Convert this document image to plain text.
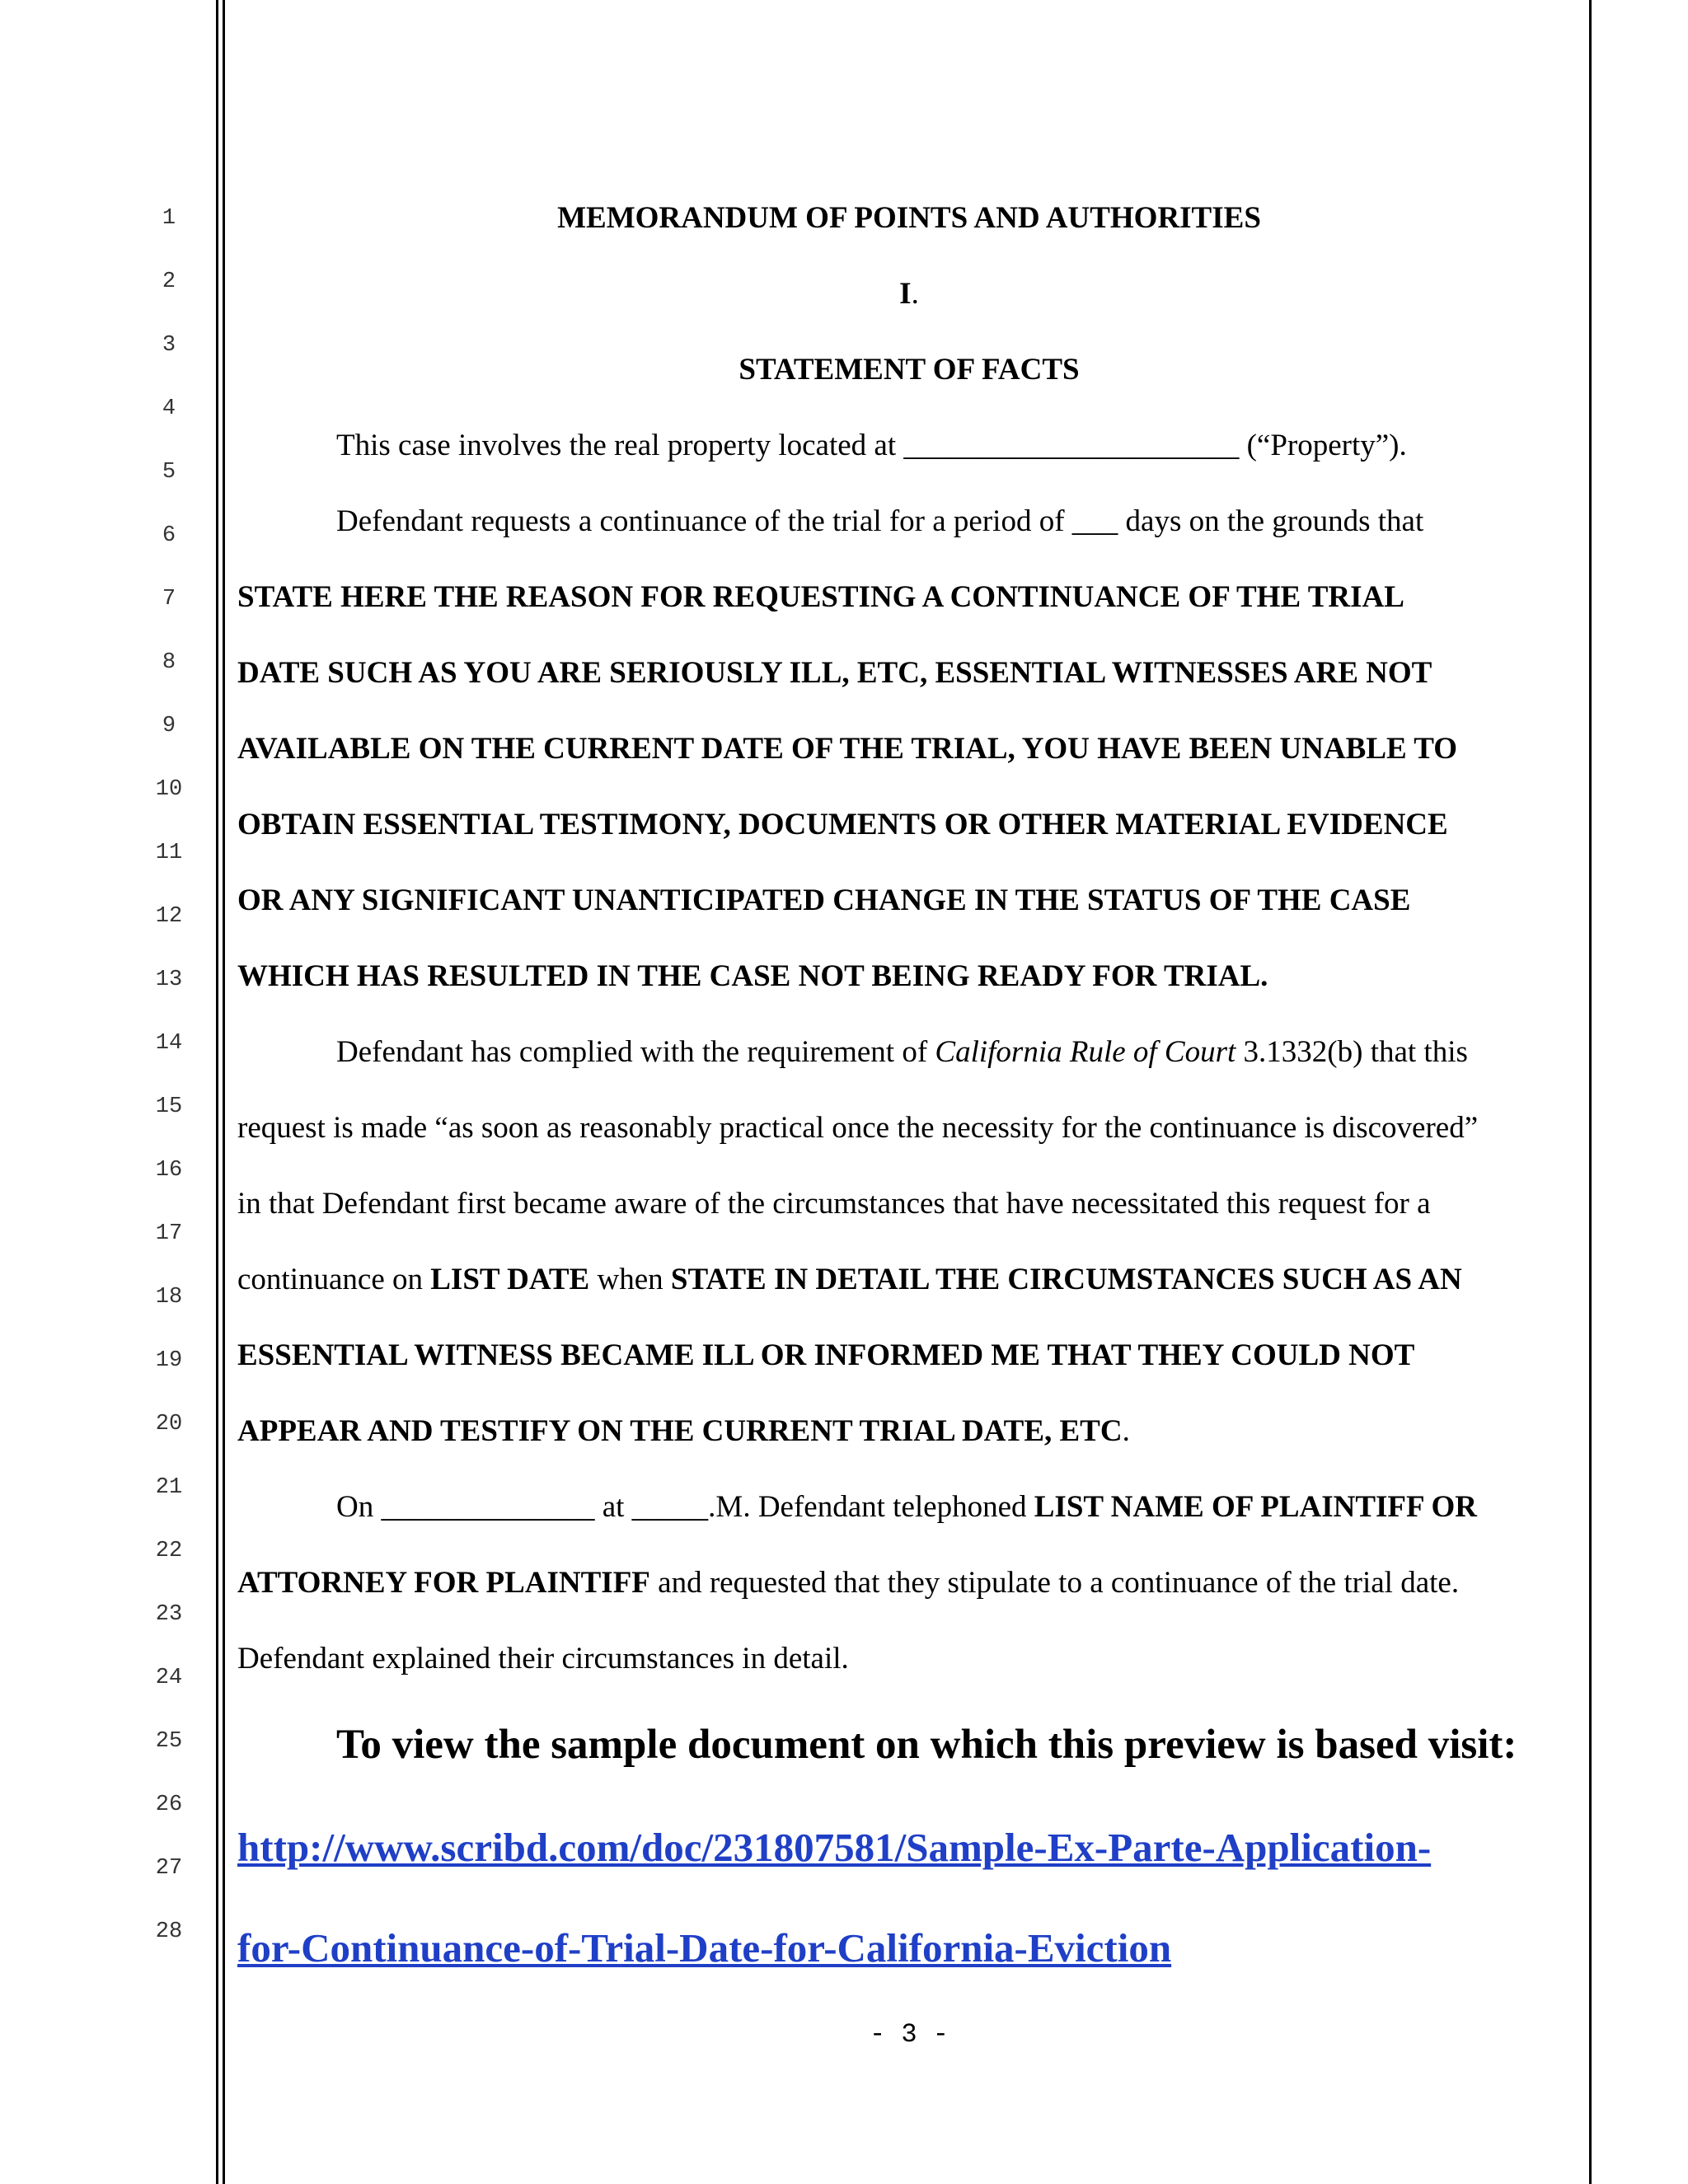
1
2
3
4
5
6
7
8
9
10
11
12
13
14
15
16
17
18
19
20
21
22
23
24
25
26
27
28
MEMORANDUM OF POINTS AND AUTHORITIES
I.
STATEMENT OF FACTS
This case involves the real property located at ______________________ (“Property”).
Defendant requests a continuance of the trial for a period of ___ days on the grounds that
STATE HERE THE REASON FOR REQUESTING A CONTINUANCE OF THE TRIAL
DATE SUCH AS YOU ARE SERIOUSLY ILL, ETC, ESSENTIAL WITNESSES ARE NOT
AVAILABLE ON THE CURRENT DATE OF THE TRIAL, YOU HAVE BEEN UNABLE TO
OBTAIN ESSENTIAL TESTIMONY, DOCUMENTS OR OTHER MATERIAL EVIDENCE
OR ANY SIGNIFICANT UNANTICIPATED CHANGE IN THE STATUS OF THE CASE
WHICH HAS RESULTED IN THE CASE NOT BEING READY FOR TRIAL.
Defendant has complied with the requirement of California Rule of Court 3.1332(b) that this
request is made “as soon as reasonably practical once the necessity for the continuance is discovered”
in that Defendant first became aware of the circumstances that have necessitated this request for a
continuance on LIST DATE when STATE IN DETAIL THE CIRCUMSTANCES SUCH AS AN
ESSENTIAL WITNESS BECAME ILL OR INFORMED ME THAT THEY COULD NOT
APPEAR AND TESTIFY ON THE CURRENT TRIAL DATE, ETC.
On ______________ at _____.M. Defendant telephoned LIST NAME OF PLAINTIFF OR
ATTORNEY FOR PLAINTIFF and requested that they stipulate to a continuance of the trial date.
Defendant explained their circumstances in detail.
To view the sample document on which this preview is based visit:
http://www.scribd.com/doc/231807581/Sample-Ex-Parte-Application-
for-Continuance-of-Trial-Date-for-California-Eviction
- 3 -
